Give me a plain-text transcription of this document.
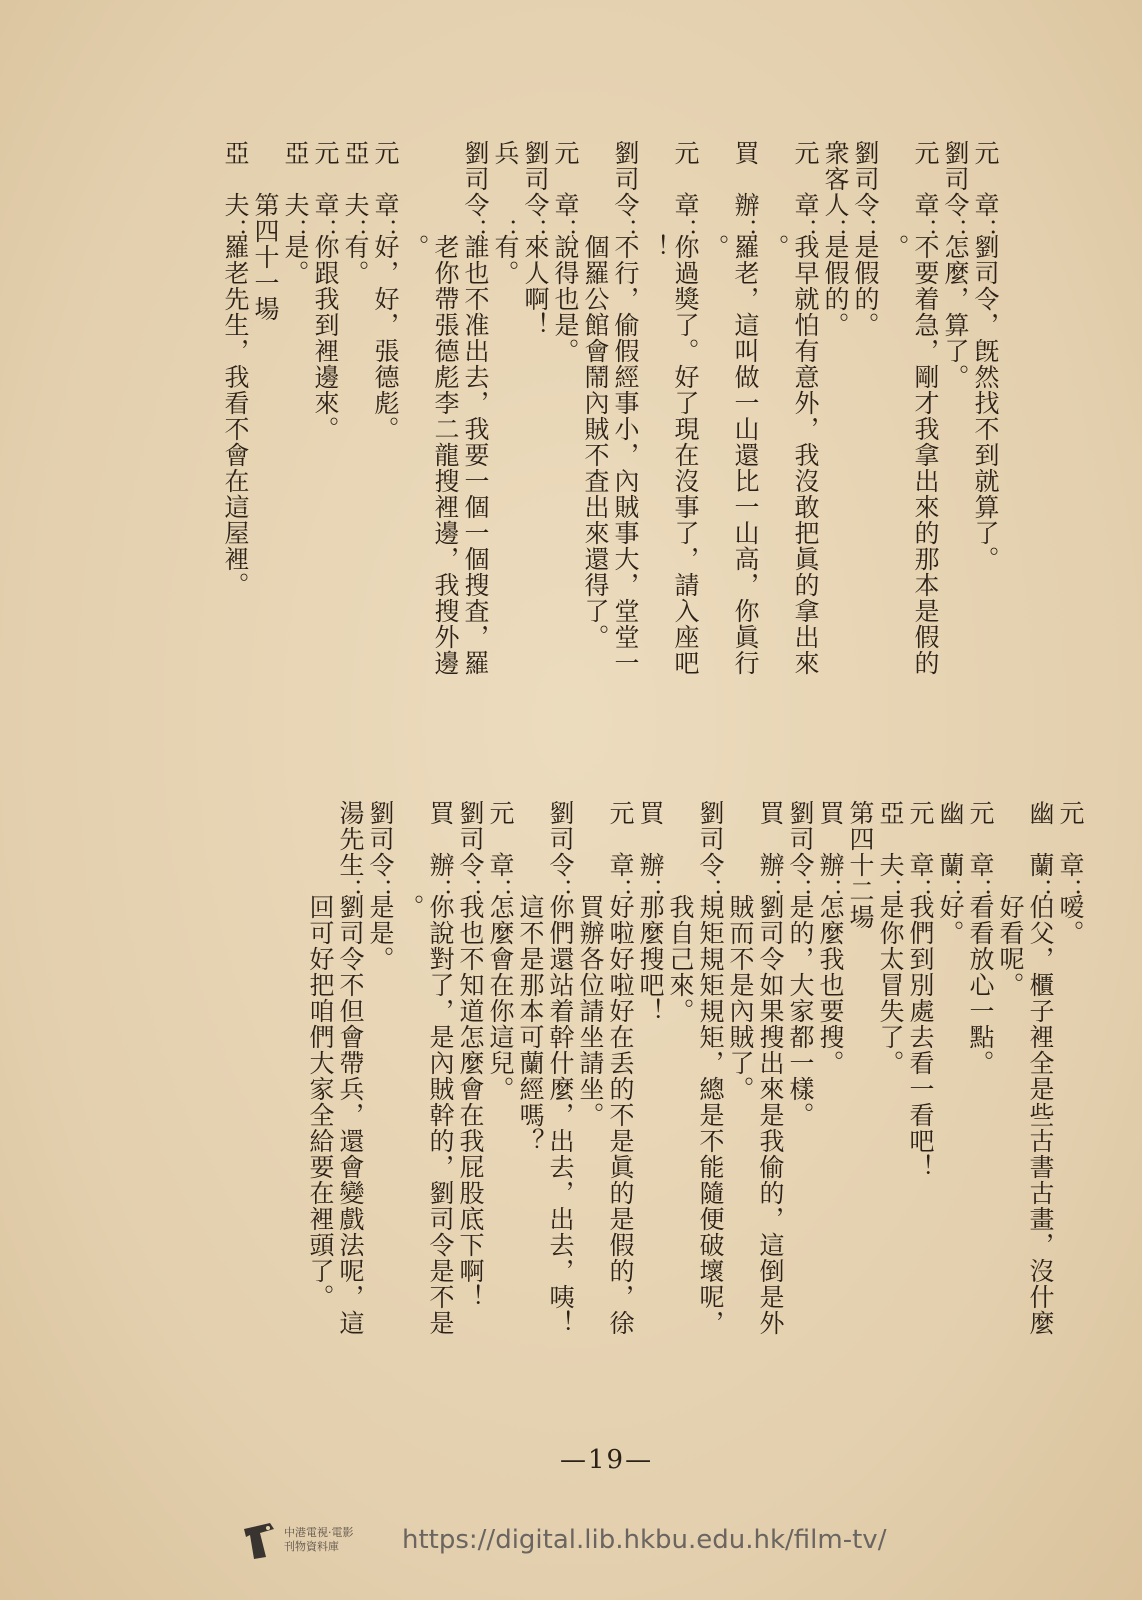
元　章：劉司令，旣然找不到就算了。
劉司令：怎麼，算了。
元　章：不要着急，剛才我拿出來的那本是假的
。
劉司令：是假的。
衆客人：是假的。
元　章：我早就怕有意外，我沒敢把眞的拿出來
。
買　辦：羅老，這叫做一山還比一山高，你眞行
。
元　章：你過獎了。好了現在沒事了，請入座吧
！
劉司令：不行，偷假經事小，內賊事大，堂堂一
個羅公館會鬧內賊不査出來還得了。
元　章：說得也是。
劉司令：來人啊！
兵　　：有。
劉司令：誰也不准出去，我要一個一個搜査，羅
老你帶張德彪李二龍搜裡邊，我搜外邊
。
元　章：好，好，張德彪。
亞　夫：有。
元　章：你跟我到裡邊來。
亞　夫：是。
第四十一場
亞　夫：羅老先生，我看不會在這屋裡。
元　章：嗳。
幽　蘭：伯父，櫃子裡全是些古書古畫，沒什麼
好看呢。
元　章：看看放心一點。
幽　蘭：好。
元　章：我們到別處去看一看吧！
亞　夫：是你太冒失了。
第四十二場
買　辦：怎麼我也要搜。
劉司令：是的，大家都一樣。
買　辦：劉司令如果搜出來是我偷的，這倒是外
賊而不是內賊了。
劉司令：規矩規矩規矩，總是不能隨便破壞呢，
我自己來。
買　辦：那麼搜吧！
元　章：好啦好啦好在丢的不是眞的是假的，徐
買辦各位請坐請坐。
劉司令：你們還站着幹什麼，出去，出去，咦！
這不是那本可蘭經嗎？
元　章：怎麼會在你這兒。
劉司令：我也不知道怎麼會在我屁股底下啊！
買　辦：你說對了，是內賊幹的，劉司令是不是
。
劉司令：是是。
湯先生：劉司令不但會帶兵，還會變戲法呢，這
回可好把咱們大家全給要在裡頭了。
—19—
中港電視‧電影
刊物資料庫	https://digital.lib.hkbu.edu.hk/film-tv/
